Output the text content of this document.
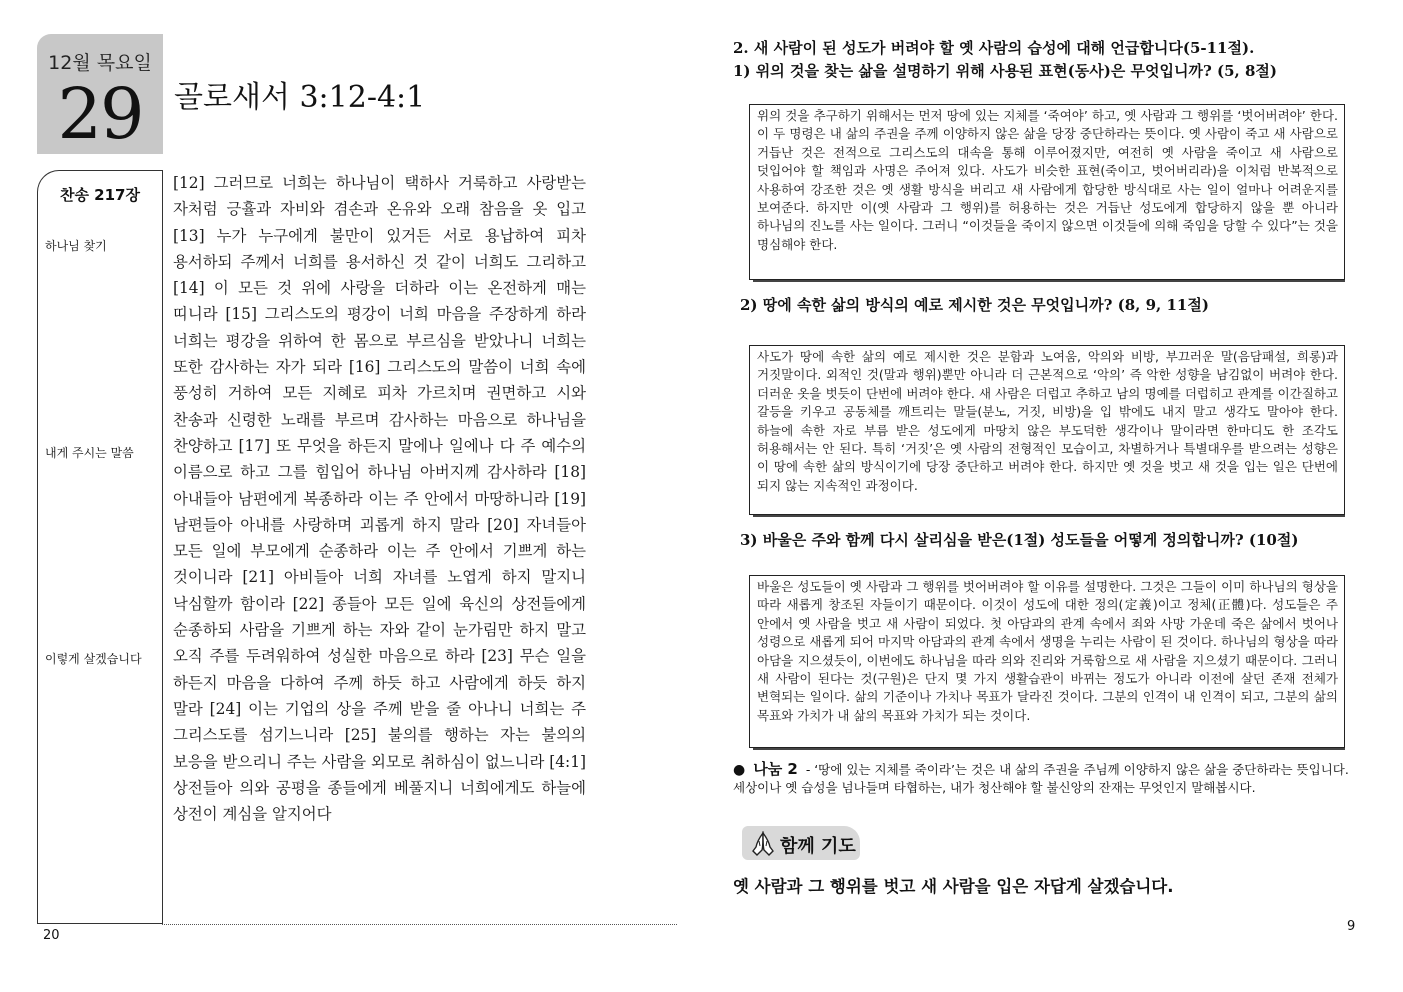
12월 목요일
29	골로새서 3:12-4:1
찬송 217장
하나님 찾기
내게 주시는 말씀
이렇게 살겠습니다
[12] 그러므로 너희는 하나님이 택하사 거룩하고 사랑받는 자처럼 긍휼과 자비와 겸손과 온유와 오래 참음을 옷 입고 [13] 누가 누구에게 불만이 있거든 서로 용납하여 피차 용서하되 주께서 너희를 용서하신 것 같이 너희도 그리하고 [14] 이 모든 것 위에 사랑을 더하라 이는 온전하게 매는 띠니라 [15] 그리스도의 평강이 너희 마음을 주장하게 하라 너희는 평강을 위하여 한 몸으로 부르심을 받았나니 너희는 또한 감사하는 자가 되라 [16] 그리스도의 말씀이 너희 속에 풍성히 거하여 모든 지혜로 피차 가르치며 권면하고 시와 찬송과 신령한 노래를 부르며 감사하는 마음으로 하나님을 찬양하고 [17] 또 무엇을 하든지 말에나 일에나 다 주 예수의 이름으로 하고 그를 힘입어 하나님 아버지께 감사하라 [18] 아내들아 남편에게 복종하라 이는 주 안에서 마땅하니라 [19] 남편들아 아내를 사랑하며 괴롭게 하지 말라 [20] 자녀들아 모든 일에 부모에게 순종하라 이는 주 안에서 기쁘게 하는 것이니라 [21] 아비들아 너희 자녀를 노엽게 하지 말지니 낙심할까 함이라 [22] 종들아 모든 일에 육신의 상전들에게 순종하되 사람을 기쁘게 하는 자와 같이 눈가림만 하지 말고 오직 주를 두려워하여 성실한 마음으로 하라 [23] 무슨 일을 하든지 마음을 다하여 주께 하듯 하고 사람에게 하듯 하지 말라 [24] 이는 기업의 상을 주께 받을 줄 아나니 너희는 주 그리스도를 섬기느니라 [25] 불의를 행하는 자는 불의의 보응을 받으리니 주는 사람을 외모로 취하심이 없느니라 [4:1] 상전들아 의와 공평을 종들에게 베풀지니 너희에게도 하늘에 상전이 계심을 알지어다
20
2. 새 사람이 된 성도가 버려야 할 옛 사람의 습성에 대해 언급합니다(5-11절).
1) 위의 것을 찾는 삶을 설명하기 위해 사용된 표현(동사)은 무엇입니까? (5, 8절)
위의 것을 추구하기 위해서는 먼저 땅에 있는 지체를 ‘죽여야’ 하고, 옛 사람과 그 행위를 ‘벗어버려야’ 한다. 이 두 명령은 내 삶의 주권을 주께 이양하지 않은 삶을 당장 중단하라는 뜻이다. 옛 사람이 죽고 새 사람으로 거듭난 것은 전적으로 그리스도의 대속을 통해 이루어졌지만, 여전히 옛 사람을 죽이고 새 사람으로 덧입어야 할 책임과 사명은 주어져 있다. 사도가 비슷한 표현(죽이고, 벗어버리라)을 이처럼 반복적으로 사용하여 강조한 것은 옛 생활 방식을 버리고 새 사람에게 합당한 방식대로 사는 일이 얼마나 어려운지를 보여준다. 하지만 이(옛 사람과 그 행위)를 허용하는 것은 거듭난 성도에게 합당하지 않을 뿐 아니라 하나님의 진노를 사는 일이다. 그러니 “이것들을 죽이지 않으면 이것들에 의해 죽임을 당할 수 있다”는 것을 명심해야 한다.
2) 땅에 속한 삶의 방식의 예로 제시한 것은 무엇입니까? (8, 9, 11절)
사도가 땅에 속한 삶의 예로 제시한 것은 분함과 노여움, 악의와 비방, 부끄러운 말(음담패설, 희롱)과 거짓말이다. 외적인 것(말과 행위)뿐만 아니라 더 근본적으로 ‘악의’ 즉 악한 성향을 남김없이 버려야 한다. 더러운 옷을 벗듯이 단번에 버려야 한다. 새 사람은 더럽고 추하고 남의 명예를 더럽히고 관계를 이간질하고 갈등을 키우고 공동체를 깨트리는 말들(분노, 거짓, 비방)을 입 밖에도 내지 말고 생각도 말아야 한다. 하늘에 속한 자로 부름 받은 성도에게 마땅치 않은 부도덕한 생각이나 말이라면 한마디도 한 조각도 허용해서는 안 된다. 특히 ‘거짓’은 옛 사람의 전형적인 모습이고, 차별하거나 특별대우를 받으려는 성향은 이 땅에 속한 삶의 방식이기에 당장 중단하고 버려야 한다. 하지만 옛 것을 벗고 새 것을 입는 일은 단번에 되지 않는 지속적인 과정이다.
3) 바울은 주와 함께 다시 살리심을 받은(1절) 성도들을 어떻게 정의합니까? (10절)
바울은 성도들이 옛 사람과 그 행위를 벗어버려야 할 이유를 설명한다. 그것은 그들이 이미 하나님의 형상을 따라 새롭게 창조된 자들이기 때문이다. 이것이 성도에 대한 정의(定義)이고 정체(正體)다. 성도들은 주 안에서 옛 사람을 벗고 새 사람이 되었다. 첫 아담과의 관계 속에서 죄와 사망 가운데 죽은 삶에서 벗어나 성령으로 새롭게 되어 마지막 아담과의 관계 속에서 생명을 누리는 사람이 된 것이다. 하나님의 형상을 따라 아담을 지으셨듯이, 이번에도 하나님을 따라 의와 진리와 거룩함으로 새 사람을 지으셨기 때문이다. 그러니 새 사람이 된다는 것(구원)은 단지 몇 가지 생활습관이 바뀌는 정도가 아니라 이전에 살던 존재 전체가 변혁되는 일이다. 삶의 기준이나 가치나 목표가 달라진 것이다. 그분의 인격이 내 인격이 되고, 그분의 삶의 목표와 가치가 내 삶의 목표와 가치가 되는 것이다.
● 나눔 2 - ‘땅에 있는 지체를 죽이라’는 것은 내 삶의 주권을 주님께 이양하지 않은 삶을 중단하라는 뜻입니다. 세상이나 옛 습성을 넘나들며 타협하는, 내가 청산해야 할 불신앙의 잔재는 무엇인지 말해봅시다.
함께 기도
옛 사람과 그 행위를 벗고 새 사람을 입은 자답게 살겠습니다.
9
